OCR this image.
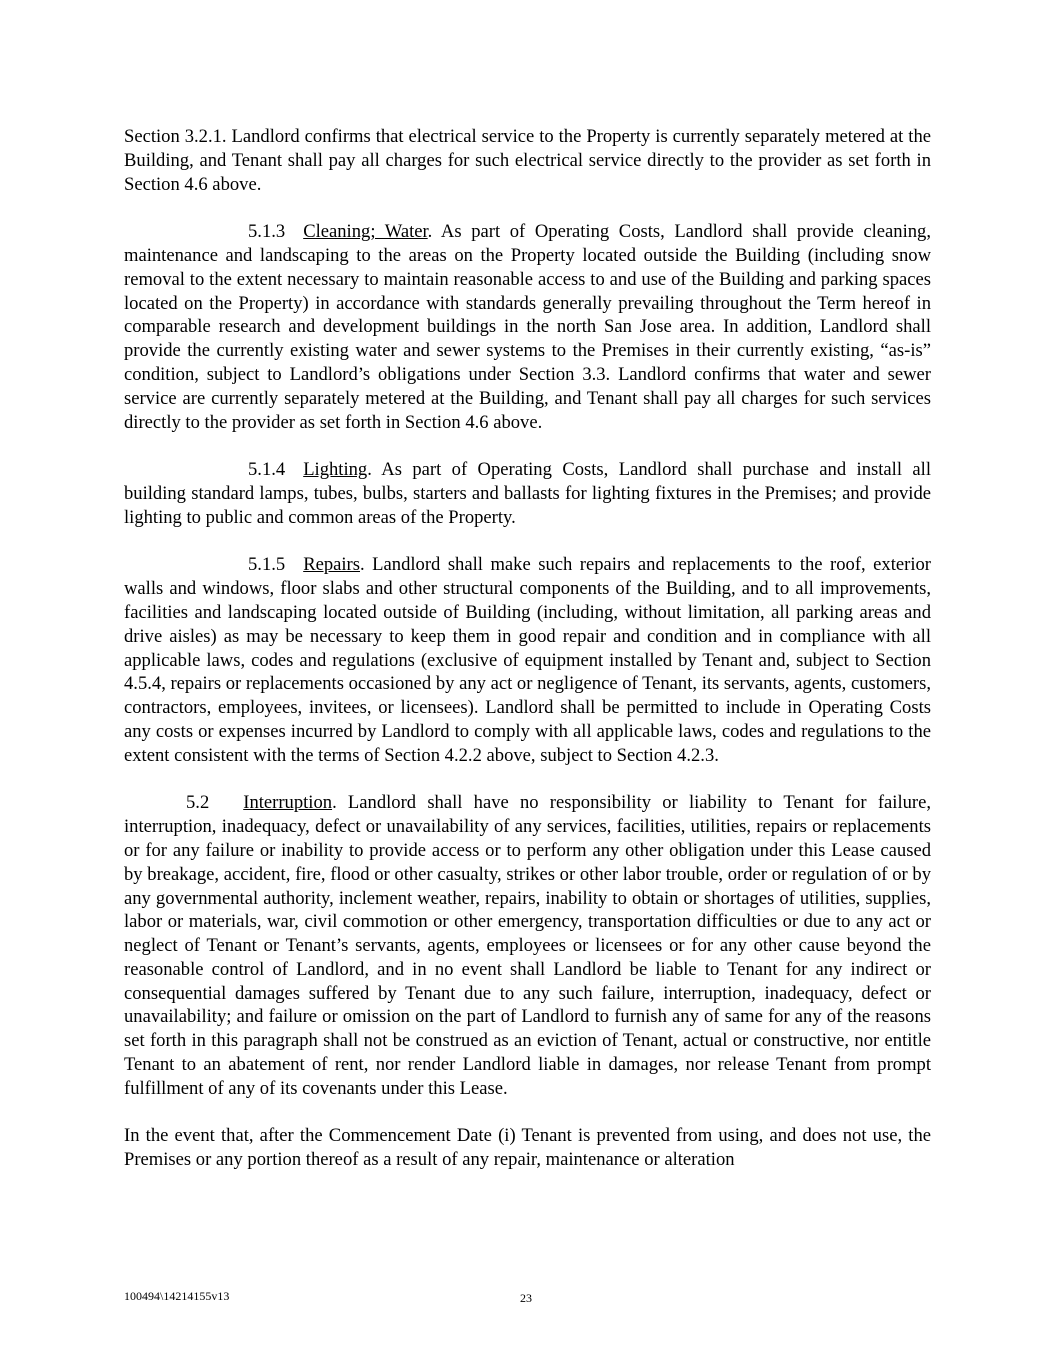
Section 3.2.1. Landlord confirms that electrical service to the Property is currently separately metered at the Building, and Tenant shall pay all charges for such electrical service directly to the provider as set forth in Section 4.6 above.

5.1.3 Cleaning; Water. As part of Operating Costs, Landlord shall provide cleaning, maintenance and landscaping to the areas on the Property located outside the Building (including snow removal to the extent necessary to maintain reasonable access to and use of the Building and parking spaces located on the Property) in accordance with standards generally prevailing throughout the Term hereof in comparable research and development buildings in the north San Jose area. In addition, Landlord shall provide the currently existing water and sewer systems to the Premises in their currently existing, “as-is” condition, subject to Landlord’s obligations under Section 3.3. Landlord confirms that water and sewer service are currently separately metered at the Building, and Tenant shall pay all charges for such services directly to the provider as set forth in Section 4.6 above.

5.1.4 Lighting. As part of Operating Costs, Landlord shall purchase and install all building standard lamps, tubes, bulbs, starters and ballasts for lighting fixtures in the Premises; and provide lighting to public and common areas of the Property.

5.1.5 Repairs. Landlord shall make such repairs and replacements to the roof, exterior walls and windows, floor slabs and other structural components of the Building, and to all improvements, facilities and landscaping located outside of Building (including, without limitation, all parking areas and drive aisles) as may be necessary to keep them in good repair and condition and in compliance with all applicable laws, codes and regulations (exclusive of equipment installed by Tenant and, subject to Section 4.5.4, repairs or replacements occasioned by any act or negligence of Tenant, its servants, agents, customers, contractors, employees, invitees, or licensees). Landlord shall be permitted to include in Operating Costs any costs or expenses incurred by Landlord to comply with all applicable laws, codes and regulations to the extent consistent with the terms of Section 4.2.2 above, subject to Section 4.2.3.

5.2 Interruption. Landlord shall have no responsibility or liability to Tenant for failure, interruption, inadequacy, defect or unavailability of any services, facilities, utilities, repairs or replacements or for any failure or inability to provide access or to perform any other obligation under this Lease caused by breakage, accident, fire, flood or other casualty, strikes or other labor trouble, order or regulation of or by any governmental authority, inclement weather, repairs, inability to obtain or shortages of utilities, supplies, labor or materials, war, civil commotion or other emergency, transportation difficulties or due to any act or neglect of Tenant or Tenant’s servants, agents, employees or licensees or for any other cause beyond the reasonable control of Landlord, and in no event shall Landlord be liable to Tenant for any indirect or consequential damages suffered by Tenant due to any such failure, interruption, inadequacy, defect or unavailability; and failure or omission on the part of Landlord to furnish any of same for any of the reasons set forth in this paragraph shall not be construed as an eviction of Tenant, actual or constructive, nor entitle Tenant to an abatement of rent, nor render Landlord liable in damages, nor release Tenant from prompt fulfillment of any of its covenants under this Lease.

In the event that, after the Commencement Date (i) Tenant is prevented from using, and does not use, the Premises or any portion thereof as a result of any repair, maintenance or alteration

100494\14214155v13	23
